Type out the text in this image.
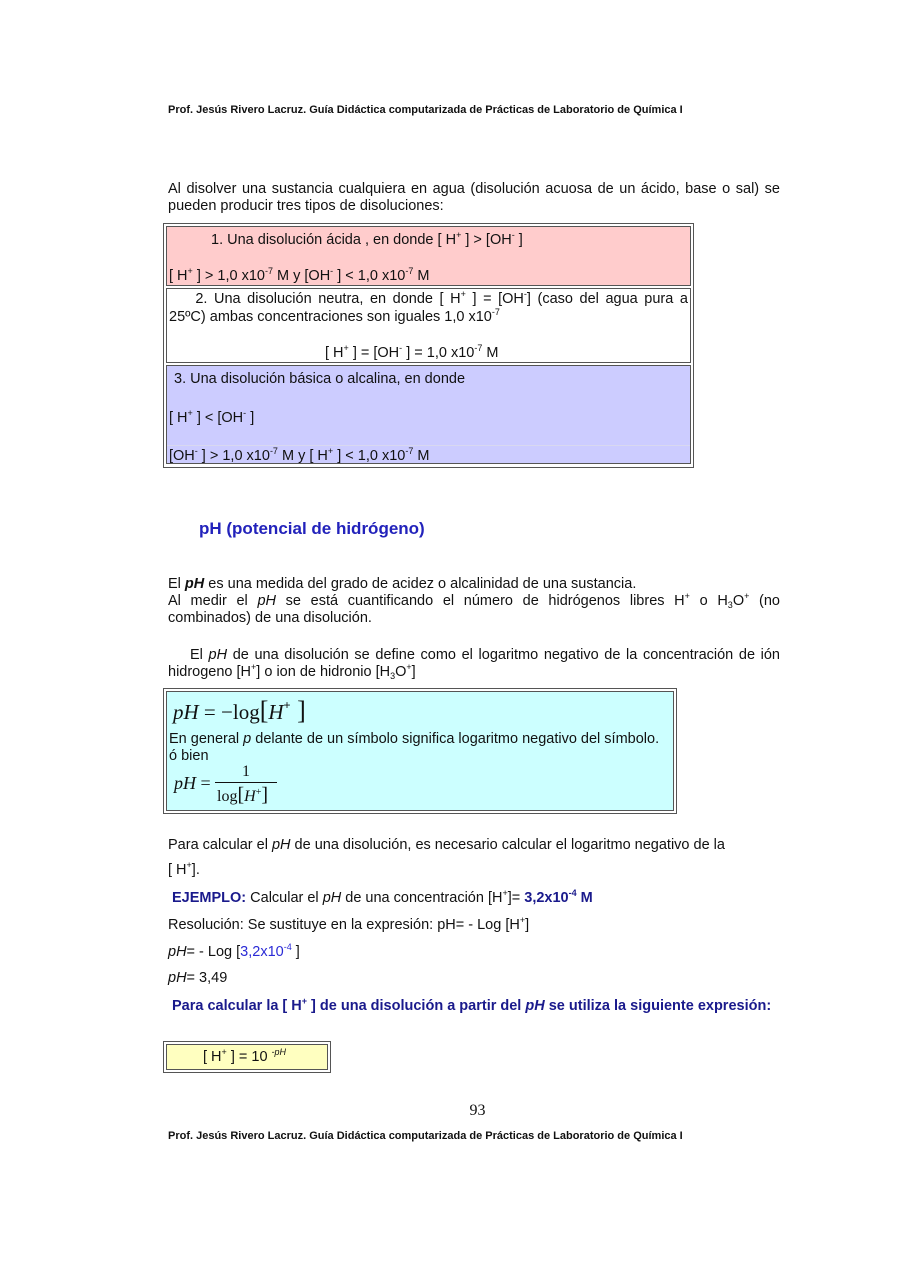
Prof. Jesús Rivero Lacruz. Guía Didáctica computarizada de Prácticas de Laboratorio de Química I
Al disolver una sustancia cualquiera en agua (disolución acuosa de un ácido, base o sal) se pueden producir tres tipos de disoluciones:
1. Una disolución ácida , en donde [ H+ ] > [OH- ]
[ H+ ] > 1,0 $x10^{-7}$ M y [OH- ] < 1,0 $x10^{-7}$ M
2. Una disolución neutra, en donde [ H+ ] = [OH-] (caso del agua pura a
25ºC) ambas concentraciones son iguales 1,0 $x10^{-7}$
[ H+ ] = [OH- ] = 1,0 $x10^{-7}$ M
3. Una disolución básica o alcalina, en donde
[ H+ ] < [OH- ]
[OH- ] > 1,0 $x10^{-7}$ M y [ H+ ] < 1,0 $x10^{-7}$ M
pH (potencial de hidrógeno)
El pH es una medida del grado de acidez o alcalinidad de una sustancia.
Al medir el pH se está cuantificando el número de hidrógenos libres H+ o $H_3O^+$ (no combinados) de una disolución.
El pH de una disolución se define como el logaritmo negativo de la concentración de ión hidrogeno [H+] o ion de hidronio $[H_3O^+]$
pH = −log[H+ ]
En general p delante de un símbolo significa logaritmo negativo del símbolo.
ó bien
pH =
1
log[H+]
Para calcular el pH de una disolución, es necesario calcular el logaritmo negativo de la
[ H+].
EJEMPLO: Calcular el pH de una concentración $[H^+]= 3,2x10^{-4}$ M
Resolución: Se sustituye en la expresión: pH= - Log [H+]
pH= - Log [$3,2x10^{-4}$ ]
pH= 3,49
Para calcular la [ H+ ] de una disolución a partir del pH se utiliza la siguiente expresión:
[ H+ ] = 10 $^{-pH}$
93
Prof. Jesús Rivero Lacruz. Guía Didáctica computarizada de Prácticas de Laboratorio de Química I
